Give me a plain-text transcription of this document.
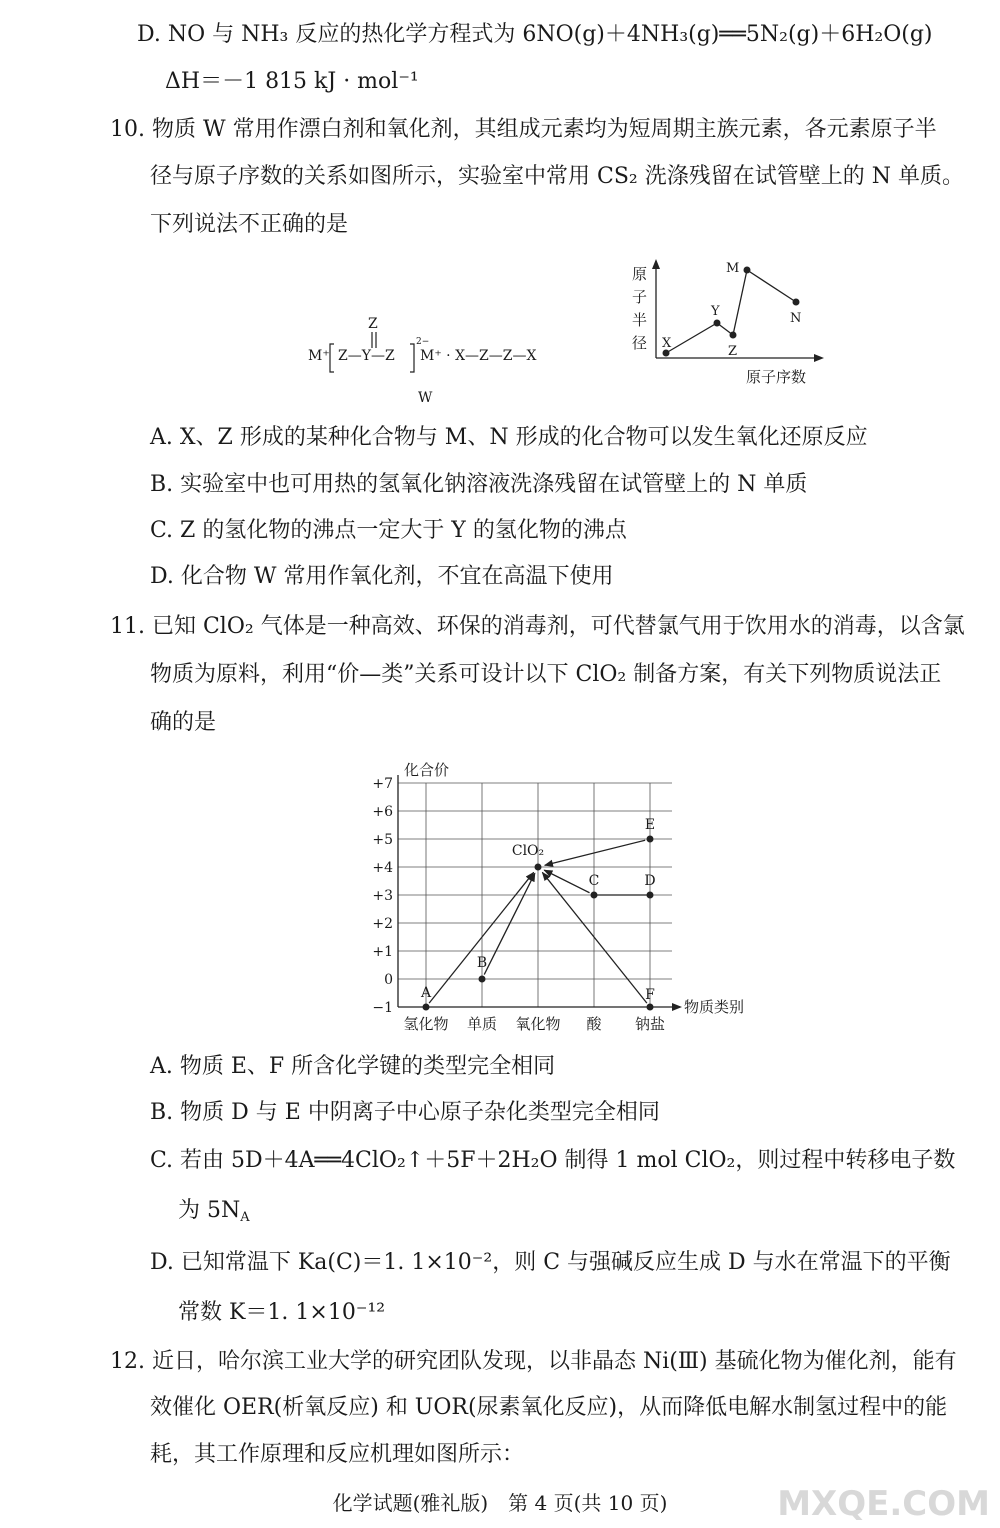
D. NO 与 NH₃ 反应的热化学方程式为 6NO(g)＋4NH₃(g)══5N₂(g)＋6H₂O(g)
ΔH＝－1 815 kJ · mol⁻¹
10. 物质 W 常用作漂白剂和氧化剂，其组成元素均为短周期主族元素，各元素原子半
径与原子序数的关系如图所示，实验室中常用 CS₂ 洗涤残留在试管壁上的 N 单质。
下列说法不正确的是
Z
M⁺ Z—Y—Z
2−
M⁺ · X—Z—Z—X
W
原
子
半
径 X
Y
Z
M
N
原子序数
A. X、Z 形成的某种化合物与 M、N 形成的化合物可以发生氧化还原反应
B. 实验室中也可用热的氢氧化钠溶液洗涤残留在试管壁上的 N 单质
C. Z 的氢化物的沸点一定大于 Y 的氢化物的沸点
D. 化合物 W 常用作氧化剂，不宜在高温下使用
11. 已知 ClO₂ 气体是一种高效、环保的消毒剂，可代替氯气用于饮用水的消毒，以含氯
物质为原料，利用“价—类”关系可设计以下 ClO₂ 制备方案，有关下列物质说法正
确的是
+7
+6
+5
+4
+3
+2
+1
0
−1
氢化物 单质 氧化物 酸 钠盐
化合价
物质类别
A
B
ClO₂
C	D
E
F
A. 物质 E、F 所含化学键的类型完全相同
B. 物质 D 与 E 中阴离子中心原子杂化类型完全相同
C. 若由 5D＋4A══4ClO₂↑＋5F＋2H₂O 制得 1 mol ClO₂，则过程中转移电子数
为 $5N_A$
D. 已知常温下 Ka(C)＝1. 1×10⁻²，则 C 与强碱反应生成 D 与水在常温下的平衡
常数 K＝1. 1×10⁻¹²
12. 近日，哈尔滨工业大学的研究团队发现，以非晶态 Ni(Ⅲ) 基硫化物为催化剂，能有
效催化 OER(析氧反应) 和 UOR(尿素氧化反应)，从而降低电解水制氢过程中的能
耗，其工作原理和反应机理如图所示：
化学试题(雅礼版)　第 4 页(共 10 页)	MXQE.COM
